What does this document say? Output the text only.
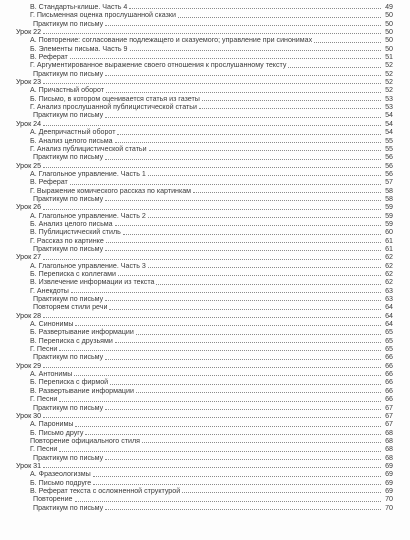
В. Стандарты-клише. Часть 4	49
Г. Письменная оценка прослушанной сказки	50
Практикум по письму	50
Урок 22	50
А. Повторение: согласование подлежащего и сказуемого; управление при синонимах	50
Б. Элементы письма. Часть 9	50
В. Реферат	51
Г. Аргументированное выражение своего отношения к прослушанному тексту	52
Практикум по письму	52
Урок 23	52
А. Причастный оборот	52
Б. Письмо, в котором оценивается статья из газеты	53
Г. Анализ прослушанной публицистической статьи	53
Практикум по письму	54
Урок 24	54
А. Деепричастный оборот	54
Б. Анализ целого письма	55
Г. Анализ публицистической статьи	55
Практикум по письму	56
Урок 25	56
А. Глагольное управление. Часть 1	56
В. Реферат	57
Г. Выражение комического рассказ по картинкам	58
Практикум по письму	58
Урок 26	59
А. Глагольное управление. Часть 2	59
Б. Анализ целого письма	59
В. Публицистический стиль	60
Г. Рассказ по картинке	61
Практикум по письму	61
Урок 27	62
А. Глагольное управление. Часть 3	62
Б. Переписка с коллегами	62
В. Извлечение информации из текста	62
Г. Анекдоты	63
Практикум по письму	63
Повторяем стили речи	64
Урок 28	64
А. Синонимы	64
Б. Развертывание информации	65
В. Переписка с друзьями	65
Г. Песни	65
Практикум по письму	66
Урок 29	66
А. Антонимы	66
Б. Переписка с фирмой	66
В. Развертывание информации	66
Г. Песни	66
Практикум по письму	67
Урок 30	67
А. Паронимы	67
Б. Письмо другу	68
Повторение официального стиля	68
Г. Песни	68
Практикум по письму	68
Урок 31	69
А. Фразеологизмы	69
Б. Письмо подруге	69
В. Реферат текста с осложненной структурой	69
Повторение	70
Практикум по письму	70
